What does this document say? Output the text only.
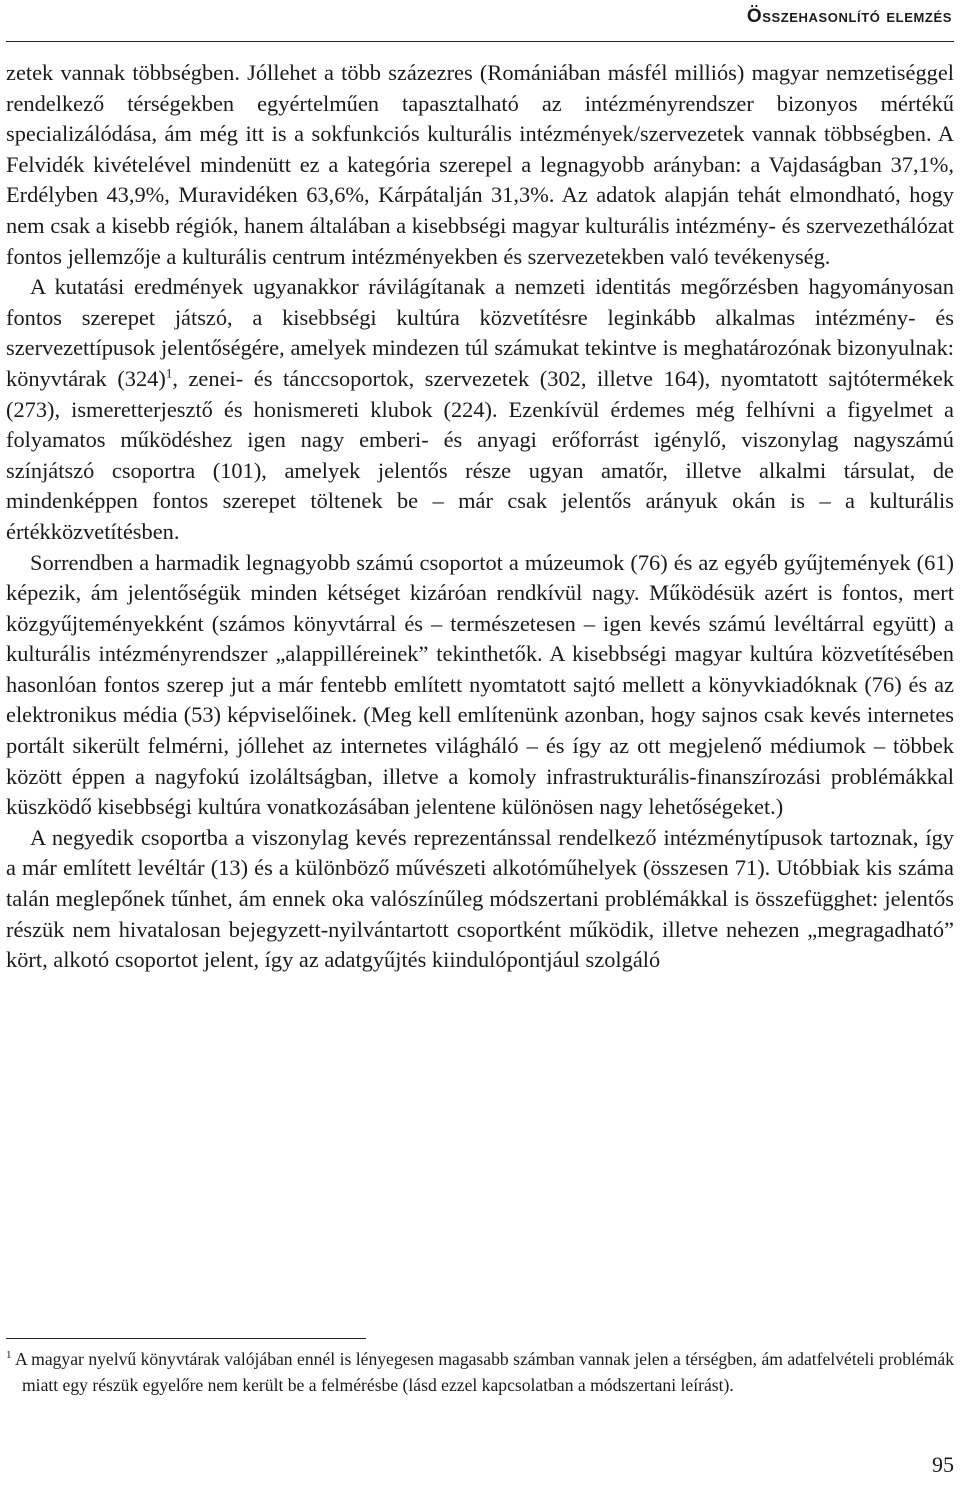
Összehasonlító elemzés

zetek vannak többségben. Jóllehet a több százezres (Romániában másfél milliós) magyar nemzetiséggel rendelkező térségekben egyértelműen tapasztalható az intézményrendszer bizonyos mértékű specializálódása, ám még itt is a sokfunkciós kulturális intézmények/szervezetek vannak többségben. A Felvidék kivételével mindenütt ez a kategória szerepel a legnagyobb arányban: a Vajdaságban 37,1%, Erdélyben 43,9%, Muravidéken 63,6%, Kárpátalján 31,3%. Az adatok alapján tehát elmondható, hogy nem csak a kisebb régiók, hanem általában a kisebbségi magyar kulturális intézmény- és szervezethálózat fontos jellemzője a kulturális centrum intézményekben és szervezetekben való tevékenység.

A kutatási eredmények ugyanakkor rávilágítanak a nemzeti identitás megőrzésben hagyományosan fontos szerepet játszó, a kisebbségi kultúra közvetítésre leginkább alkalmas intézmény- és szervezettípusok jelentőségére, amelyek mindezen túl számukat tekintve is meghatározónak bizonyulnak: könyvtárak $(324)^1$, zenei- és tánccsoportok, szervezetek (302, illetve 164), nyomtatott sajtótermékek (273), ismeretterjesztő és honismereti klubok (224). Ezenkívül érdemes még felhívni a figyelmet a folyamatos működéshez igen nagy emberi- és anyagi erőforrást igénylő, viszonylag nagyszámú színjátszó csoportra (101), amelyek jelentős része ugyan amatőr, illetve alkalmi társulat, de mindenképpen fontos szerepet töltenek be – már csak jelentős arányuk okán is – a kulturális értékközvetítésben.

Sorrendben a harmadik legnagyobb számú csoportot a múzeumok (76) és az egyéb gyűjtemények (61) képezik, ám jelentőségük minden kétséget kizáróan rendkívül nagy. Működésük azért is fontos, mert közgyűjteményekként (számos könyvtárral és – természetesen – igen kevés számú levéltárral együtt) a kulturális intézményrendszer „alappilléreinek” tekinthetők. A kisebbségi magyar kultúra közvetítésében hasonlóan fontos szerep jut a már fentebb említett nyomtatott sajtó mellett a könyvkiadóknak (76) és az elektronikus média (53) képviselőinek. (Meg kell említenünk azonban, hogy sajnos csak kevés internetes portált sikerült felmérni, jóllehet az internetes világháló – és így az ott megjelenő médiumok – többek között éppen a nagyfokú izoláltságban, illetve a komoly infrastrukturális-finanszírozási problémákkal küszködő kisebbségi kultúra vonatkozásában jelentene különösen nagy lehetőségeket.)

A negyedik csoportba a viszonylag kevés reprezentánssal rendelkező intézménytípusok tartoznak, így a már említett levéltár (13) és a különböző művészeti alkotóműhelyek (összesen 71). Utóbbiak kis száma talán meglepőnek tűnhet, ám ennek oka valószínűleg módszertani problémákkal is összefügghet: jelentős részük nem hivatalosan bejegyzett-nyilvántartott csoportként működik, illetve nehezen „megragadható” kört, alkotó csoportot jelent, így az adatgyűjtés kiindulópontjául szolgáló

$^1$ A magyar nyelvű könyvtárak valójában ennél is lényegesen magasabb számban vannak jelen a térségben, ám adatfelvételi problémák miatt egy részük egyelőre nem került be a felmérésbe (lásd ezzel kapcsolatban a módszertani leírást).

95
